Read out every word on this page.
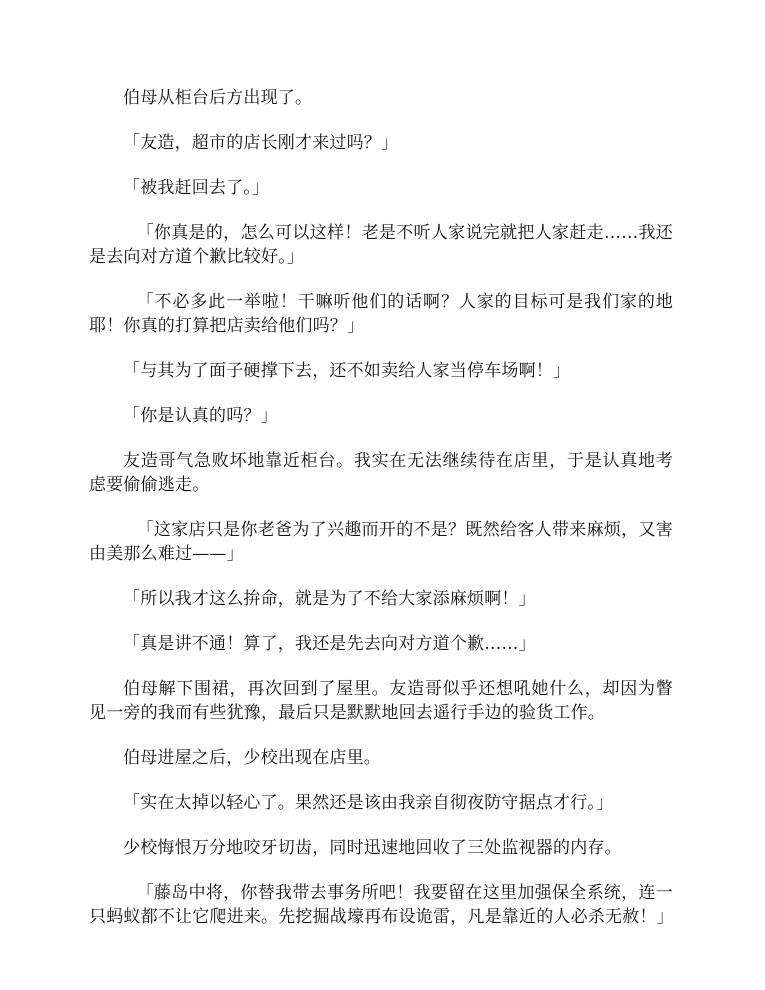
伯母从柜台后方出现了。

「友造，超市的店长刚才来过吗？」

「被我赶回去了。」

「你真是的，怎么可以这样！老是不听人家说完就把人家赶走……我还是去向对方道个歉比较好。」

「不必多此一举啦！干嘛听他们的话啊？人家的目标可是我们家的地耶！你真的打算把店卖给他们吗？」

「与其为了面子硬撑下去，还不如卖给人家当停车场啊！」

「你是认真的吗？」

友造哥气急败坏地靠近柜台。我实在无法继续待在店里，于是认真地考虑要偷偷逃走。

「这家店只是你老爸为了兴趣而开的不是？既然给客人带来麻烦，又害由美那么难过——」

「所以我才这么拚命，就是为了不给大家添麻烦啊！」

「真是讲不通！算了，我还是先去向对方道个歉……」

伯母解下围裙，再次回到了屋里。友造哥似乎还想吼她什么，却因为瞥见一旁的我而有些犹豫，最后只是默默地回去遥行手边的验货工作。

伯母进屋之后，少校出现在店里。

「实在太掉以轻心了。果然还是该由我亲自彻夜防守据点才行。」

少校悔恨万分地咬牙切齿，同时迅速地回收了三处监视器的内存。

「藤岛中将，你替我带去事务所吧！我要留在这里加强保全系统，连一只蚂蚁都不让它爬进来。先挖掘战壕再布设诡雷，凡是靠近的人必杀无赦！」
